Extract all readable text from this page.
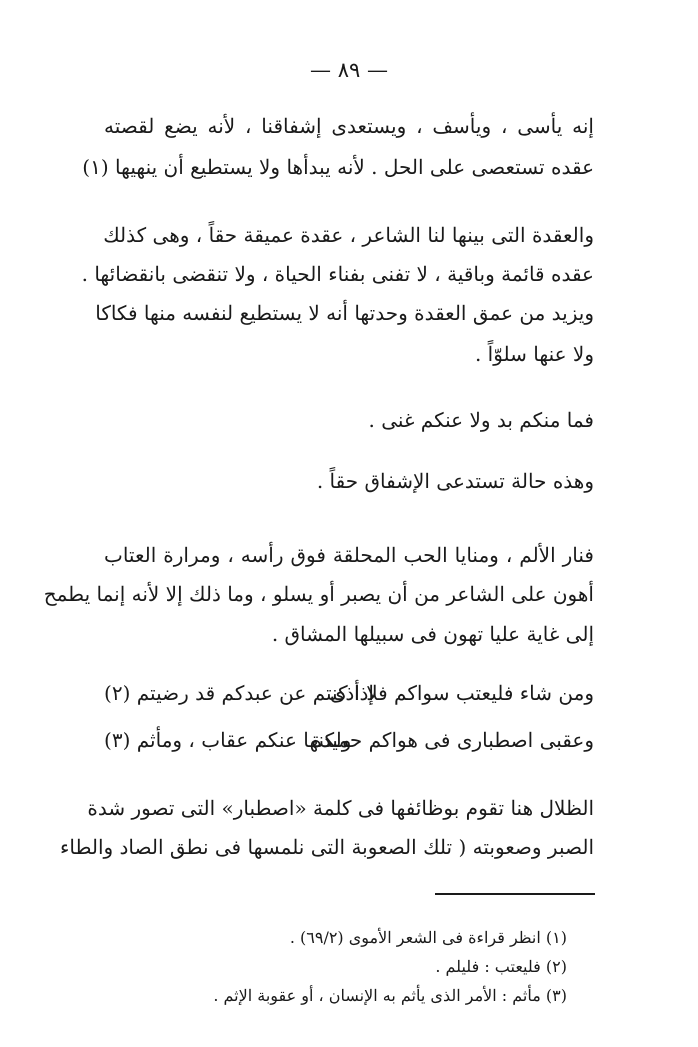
— ٨٩ —
إنه يأسى ، ويأسف ، ويستعدى إشفاقنا ، لأنه يضع لقصته
عقده تستعصى على الحل . لأنه يبدأها ولا يستطيع أن ينهيها (١)
والعقدة التى بينها لنا الشاعر ، عقدة عميقة حقاً ، وهى كذلك
عقده قائمة وباقية ، لا تفنى بفناء الحياة ، ولا تنقضى بانقضائها .
ويزيد من عمق العقدة وحدتها أنه لا يستطيع لنفسه منها فكاكا
ولا عنها سلوّاً .
فما منكم بد ولا عنكم غنى .
وهذه حالة تستدعى الإشفاق حقاً .
فنار الألم ، ومنايا الحب المحلقة فوق رأسه ، ومرارة العتاب
أهون على الشاعر من أن يصبر أو يسلو ، وما ذلك إلا لأنه إنما يطمح
إلى غاية عليا تهون فى سبيلها المشاق .
ومن شاء فليعتب سواكم فلا أذى
إذا كنتم عن عبدكم قد رضيتم (٢)
وعقبى اصطبارى فى هواكم حميدة
ولكنها عنكم عقاب ، ومأثم (٣)
الظلال هنا تقوم بوظائفها فى كلمة «اصطبار» التى تصور شدة
الصبر وصعوبته ( تلك الصعوبة التى نلمسها فى نطق الصاد والطاء
(١) انظر قراءة فى الشعر الأموى (٦٩/٢) .
(٢) فليعتب : فليلم .
(٣) مأثم : الأمر الذى يأثم به الإنسان ، أو عقوبة الإثم .
